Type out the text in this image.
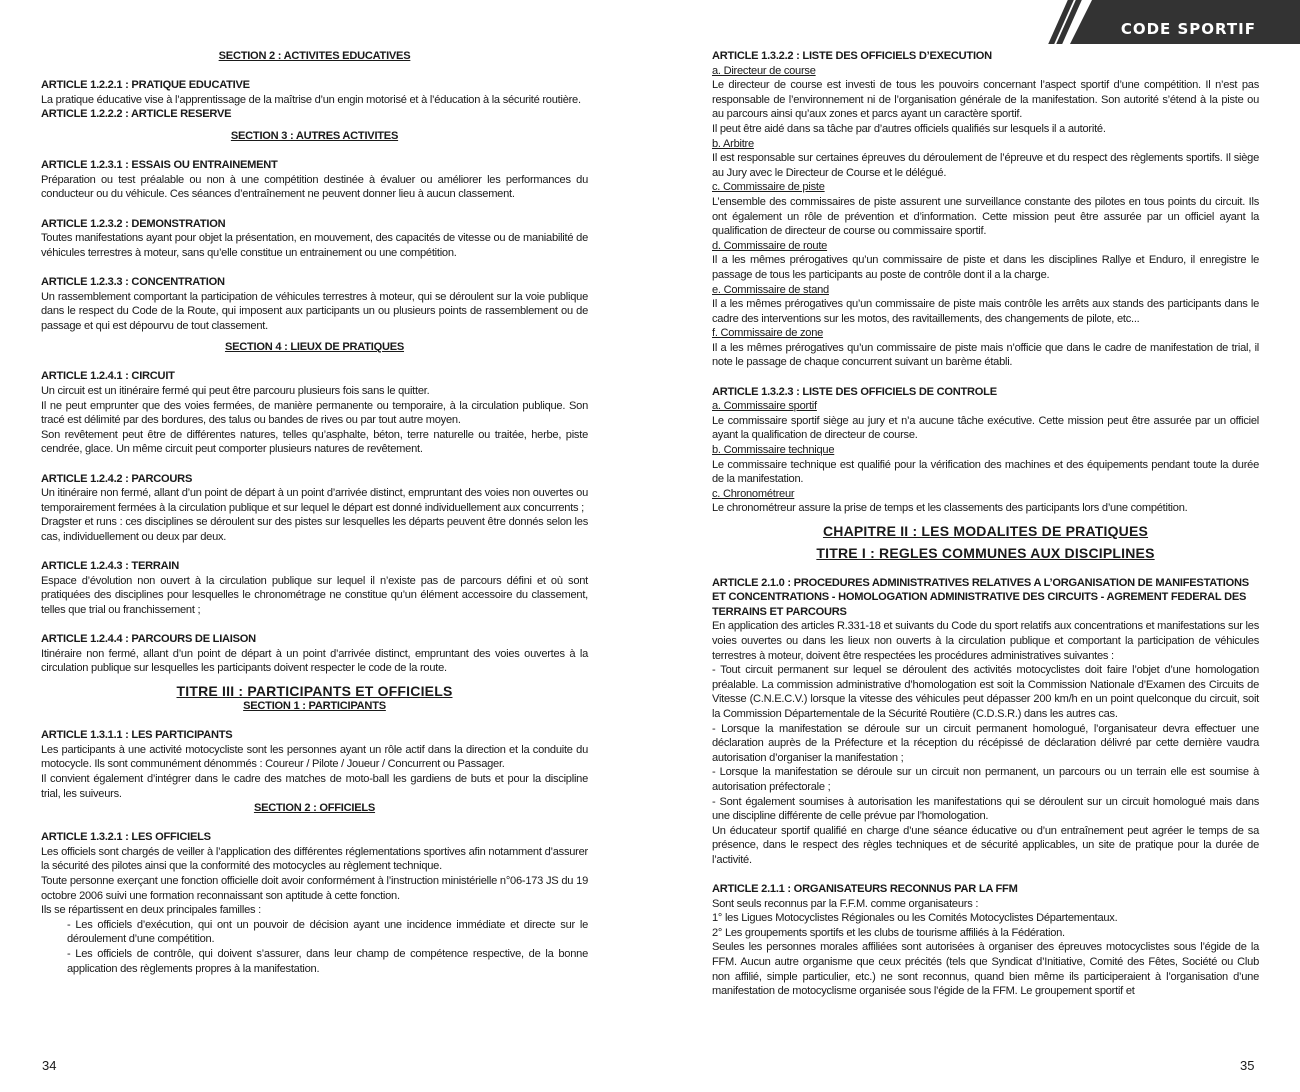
SECTION 2 : ACTIVITES EDUCATIVES

ARTICLE 1.2.2.1 : PRATIQUE EDUCATIVE

La pratique éducative vise à l’apprentissage de la maîtrise d’un engin motorisé et à l’éducation à la sécurité routière.

ARTICLE 1.2.2.2 : ARTICLE RESERVE

SECTION 3 : AUTRES ACTIVITES

ARTICLE 1.2.3.1 : ESSAIS OU ENTRAINEMENT

Préparation ou test préalable ou non à une compétition destinée à évaluer ou améliorer les performances du conducteur ou du véhicule. Ces séances d’entraînement ne peuvent donner lieu à aucun classement.

ARTICLE 1.2.3.2 : DEMONSTRATION

Toutes manifestations ayant pour objet la présentation, en mouvement, des capacités de vitesse ou de maniabilité de véhicules terrestres à moteur, sans qu’elle constitue un entrainement ou une compétition.

ARTICLE 1.2.3.3 : CONCENTRATION

Un rassemblement comportant la participation de véhicules terrestres à moteur, qui se déroulent sur la voie publique dans le respect du Code de la Route, qui imposent aux participants un ou plusieurs points de rassemblement ou de passage et qui est dépourvu de tout classement.

SECTION 4 : LIEUX DE PRATIQUES

ARTICLE 1.2.4.1 : CIRCUIT

Un circuit est un itinéraire fermé qui peut être parcouru plusieurs fois sans le quitter.

Il ne peut emprunter que des voies fermées, de manière permanente ou temporaire, à la circulation publique. Son tracé est délimité par des bordures, des talus ou bandes de rives ou par tout autre moyen.

Son revêtement peut être de différentes natures, telles qu’asphalte, béton, terre naturelle ou traitée, herbe, piste cendrée, glace. Un même circuit peut comporter plusieurs natures de revêtement.

ARTICLE 1.2.4.2 : PARCOURS

Un itinéraire non fermé, allant d’un point de départ à un point d’arrivée distinct, empruntant des voies non ouvertes ou temporairement fermées à la circulation publique et sur lequel le départ est donné individuellement aux concurrents ;

Dragster et runs : ces disciplines se déroulent sur des pistes sur lesquelles les départs peuvent être donnés selon les cas, individuellement ou deux par deux.

ARTICLE 1.2.4.3 : TERRAIN

Espace d’évolution non ouvert à la circulation publique sur lequel il n’existe pas de parcours défini et où sont pratiquées des disciplines pour lesquelles le chronométrage ne constitue qu’un élément accessoire du classement, telles que trial ou franchissement ;

ARTICLE 1.2.4.4 : PARCOURS DE LIAISON

Itinéraire non fermé, allant d’un point de départ à un point d’arrivée distinct, empruntant des voies ouvertes à la circulation publique sur lesquelles les participants doivent respecter le code de la route.

TITRE III : PARTICIPANTS ET OFFICIELS

SECTION 1 : PARTICIPANTS

ARTICLE 1.3.1.1 : LES PARTICIPANTS

Les participants à une activité motocycliste sont les personnes ayant un rôle actif dans la direction et la conduite du motocycle. Ils sont communément dénommés : Coureur / Pilote / Joueur / Concurrent ou Passager.

Il convient également d’intégrer dans le cadre des matches de moto-ball les gardiens de buts et pour la discipline trial, les suiveurs.

SECTION 2 : OFFICIELS

ARTICLE 1.3.2.1 : LES OFFICIELS

Les officiels sont chargés de veiller à l’application des différentes réglementations sportives afin notamment d’assurer la sécurité des pilotes ainsi que la conformité des motocycles au règlement technique.

Toute personne exerçant une fonction officielle doit avoir conformément à l’instruction ministérielle n°06-173 JS du 19 octobre 2006 suivi une formation reconnaissant son aptitude à cette fonction.

Ils se répartissent en deux principales familles :

- Les officiels d’exécution, qui ont un pouvoir de décision ayant une incidence immédiate et directe sur le déroulement d’une compétition.

- Les officiels de contrôle, qui doivent s’assurer, dans leur champ de compétence respective, de la bonne application des règlements propres à la manifestation.

34

ARTICLE 1.3.2.2 : LISTE DES OFFICIELS D’EXECUTION

a. Directeur de course

Le directeur de course est investi de tous les pouvoirs concernant l’aspect sportif d’une compétition. Il n’est pas responsable de l’environnement ni de l’organisation générale de la manifestation. Son autorité s’étend à la piste ou au parcours ainsi qu’aux zones et parcs ayant un caractère sportif.

Il peut être aidé dans sa tâche par d’autres officiels qualifiés sur lesquels il a autorité.

b. Arbitre

Il est responsable sur certaines épreuves du déroulement de l’épreuve et du respect des règlements sportifs. Il siège au Jury avec le Directeur de Course et le délégué.

c. Commissaire de piste

L’ensemble des commissaires de piste assurent une surveillance constante des pilotes en tous points du circuit. Ils ont également un rôle de prévention et d’information. Cette mission peut être assurée par un officiel ayant la qualification de directeur de course ou commissaire sportif.

d. Commissaire de route

Il a les mêmes prérogatives qu’un commissaire de piste et dans les disciplines Rallye et Enduro, il enregistre le passage de tous les participants au poste de contrôle dont il a la charge.

e. Commissaire de stand

Il a les mêmes prérogatives qu’un commissaire de piste mais contrôle les arrêts aux stands des participants dans le cadre des interventions sur les motos, des ravitaillements, des changements de pilote, etc...

f. Commissaire de zone

Il a les mêmes prérogatives qu’un commissaire de piste mais n’officie que dans le cadre de manifestation de trial, il note le passage de chaque concurrent suivant un barème établi.

ARTICLE 1.3.2.3 : LISTE DES OFFICIELS DE CONTROLE

a. Commissaire sportif

Le commissaire sportif siège au jury et n’a aucune tâche exécutive. Cette mission peut être assurée par un officiel ayant la qualification de directeur de course.

b. Commissaire technique

Le commissaire technique est qualifié pour la vérification des machines et des équipements pendant toute la durée de la manifestation.

c. Chronométreur

Le chronométreur assure la prise de temps et les classements des participants lors d’une compétition.

CHAPITRE II : LES MODALITES DE PRATIQUES

TITRE I : REGLES COMMUNES AUX DISCIPLINES

ARTICLE 2.1.0 : PROCEDURES ADMINISTRATIVES RELATIVES A L’ORGANISATION DE MANIFESTATIONS ET CONCENTRATIONS - HOMOLOGATION ADMINISTRATIVE DES CIRCUITS - AGREMENT FEDERAL DES TERRAINS ET PARCOURS

En application des articles R.331-18 et suivants du Code du sport relatifs aux concentrations et manifestations sur les voies ouvertes ou dans les lieux non ouverts à la circulation publique et comportant la participation de véhicules terrestres à moteur, doivent être respectées les procédures administratives suivantes :

- Tout circuit permanent sur lequel se déroulent des activités motocyclistes doit faire l’objet d’une homologation préalable. La commission administrative d’homologation est soit la Commission Nationale d’Examen des Circuits de Vitesse (C.N.E.C.V.) lorsque la vitesse des véhicules peut dépasser 200 km/h en un point quelconque du circuit, soit la Commission Départementale de la Sécurité Routière (C.D.S.R.) dans les autres cas.

- Lorsque la manifestation se déroule sur un circuit permanent homologué, l’organisateur devra effectuer une déclaration auprès de la Préfecture et la réception du récépissé de déclaration délivré par cette dernière vaudra autorisation d’organiser la manifestation ;

- Lorsque la manifestation se déroule sur un circuit non permanent, un parcours ou un terrain elle est soumise à autorisation préfectorale ;

- Sont également soumises à autorisation les manifestations qui se déroulent sur un circuit homologué mais dans une discipline différente de celle prévue par l’homologation.

Un éducateur sportif qualifié en charge d’une séance éducative ou d’un entraînement peut agréer le temps de sa présence, dans le respect des règles techniques et de sécurité applicables, un site de pratique pour la durée de l’activité.

ARTICLE 2.1.1 : ORGANISATEURS RECONNUS PAR LA FFM

Sont seuls reconnus par la F.F.M. comme organisateurs :

1° les Ligues Motocyclistes Régionales ou les Comités Motocyclistes Départementaux.

2° Les groupements sportifs et les clubs de tourisme affiliés à la Fédération.

Seules les personnes morales affiliées sont autorisées à organiser des épreuves motocyclistes sous l’égide de la FFM. Aucun autre organisme que ceux précités (tels que Syndicat d’Initiative, Comité des Fêtes, Société ou Club non affilié, simple particulier, etc.) ne sont reconnus, quand bien même ils participeraient à l’organisation d’une manifestation de motocyclisme organisée sous l’égide de la FFM. Le groupement sportif et

35
CODE SPORTIF
